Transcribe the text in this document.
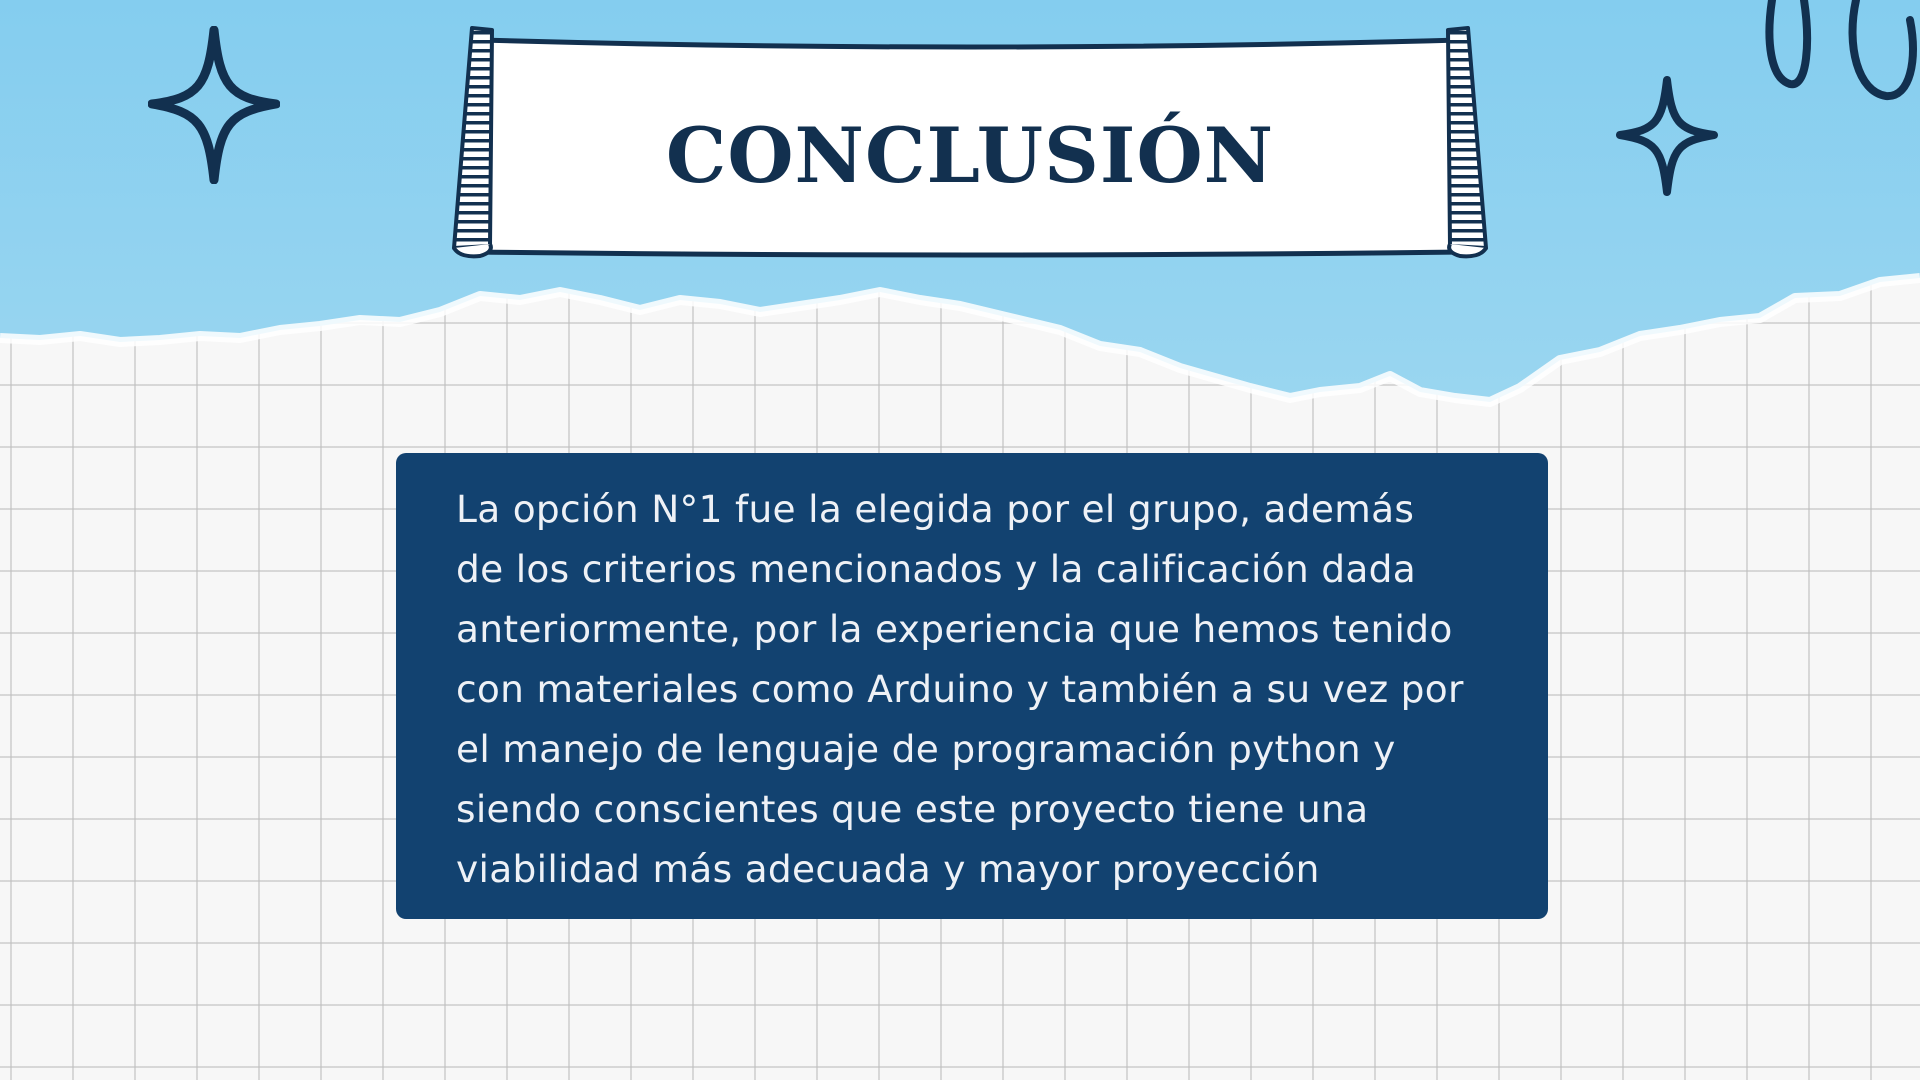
CONCLUSIÓN

La opción N°1 fue la elegida por el grupo, además

de los criterios mencionados y la calificación dada

anteriormente, por la experiencia que hemos tenido

con materiales como Arduino y también a su vez por

el manejo de lenguaje de programación python y

siendo conscientes que este proyecto tiene una

viabilidad más adecuada y mayor proyección
